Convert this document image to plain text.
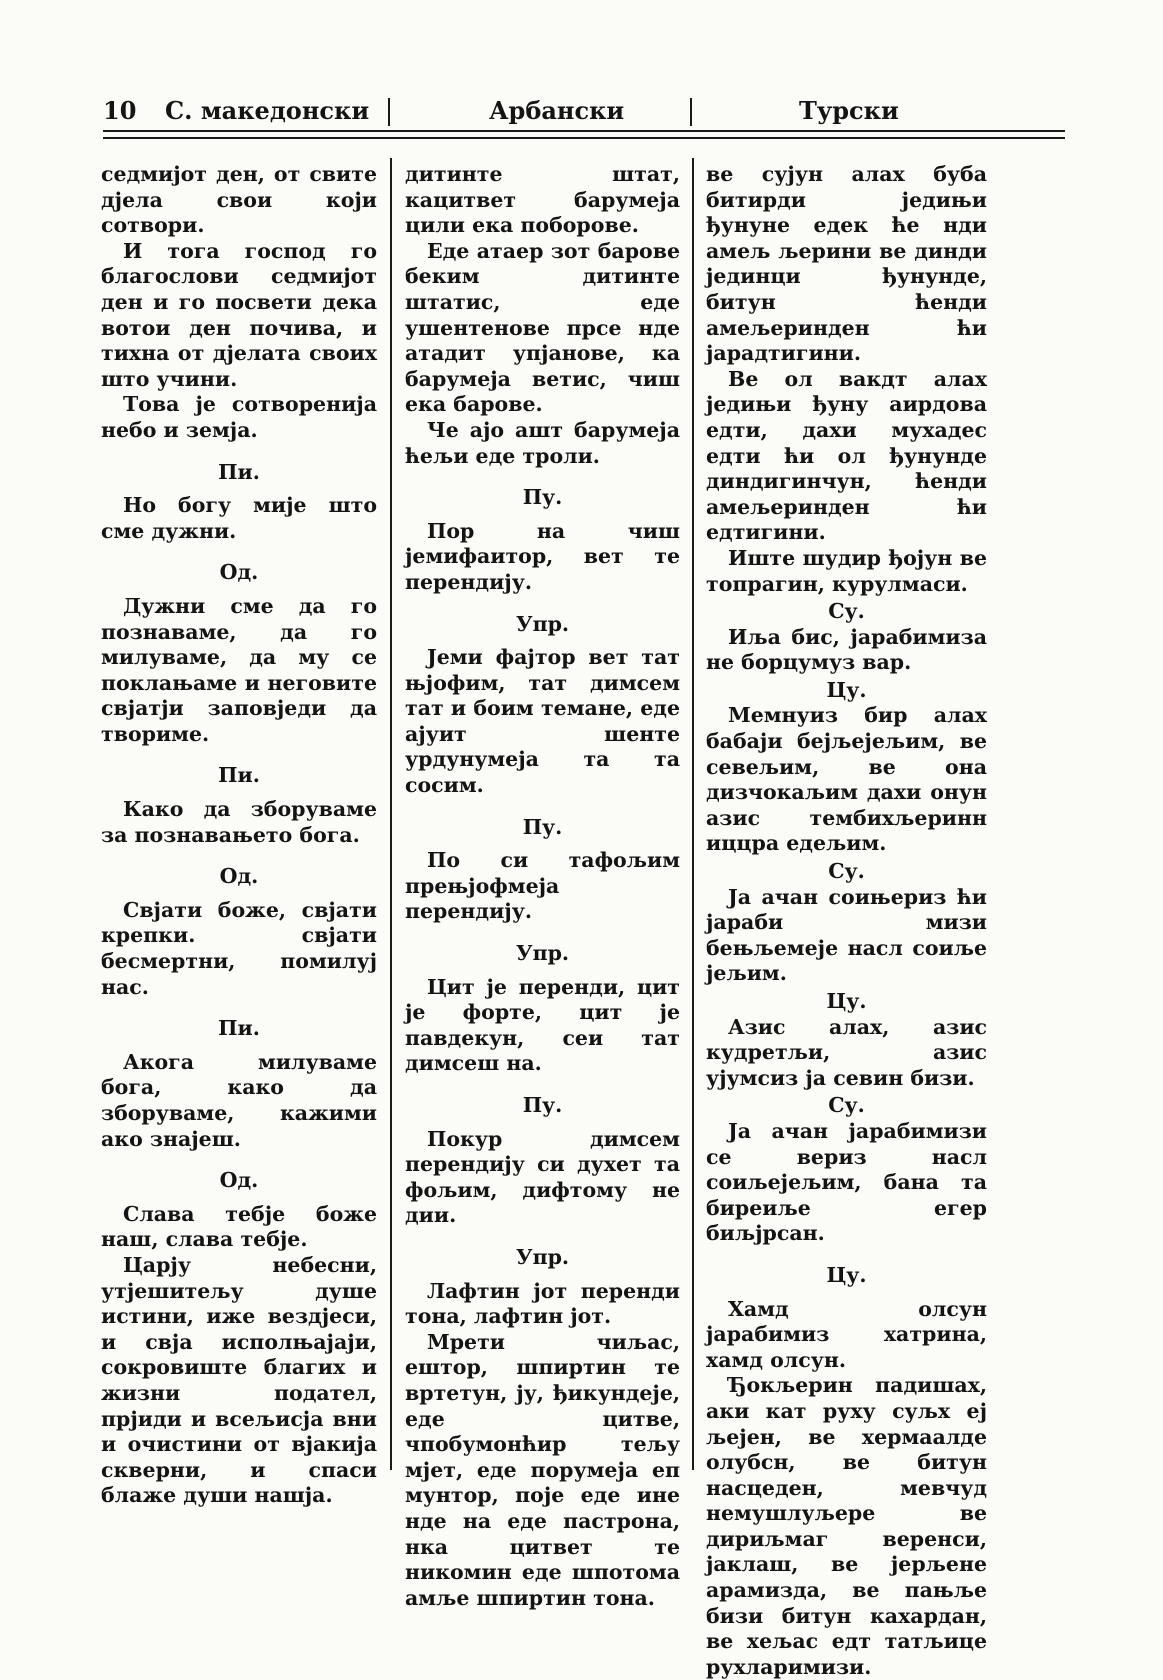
10 С. македонски	Арбански	Турски

седмијот ден, от свите дјела свои који сотвори.

И тога господ го благослови седмијот ден и го посвети дека вотои ден почива, и тихна от дјелата своих што учини.

Това је сотворенија небо и земја.

Пи.

Но богу мије што сме дужни.

Од.

Дужни сме да го познаваме, да го милуваме, да му се поклањаме и неговите свјатји заповједи да твориме.

Пи.

Како да зборуваме за познавањето бога.

Од.

Свјати боже, свјати крепки. свјати бесмертни, помилуј нас.

Пи.

Акога милуваме бога, како да зборуваме, кажими ако знајеш.

Од.

Слава тебје боже наш, слава тебје.

Царју небесни, утјешитељу душе истини, иже вездјеси, и свја исполњајаји, сокровиште благих и жизни подател, прјиди и всељисја вни и очистини от вјакија скверни, и спаси блаже души нашја.

дитинте штат, кацитвет барумеја цили ека поборове.

Еде атаер зот барове беким дитинте штатис, еде ушентенове прсе нде атадит упјанове, ка барумеја ветис, чиш ека барове.

Че ајо ашт барумеја ћељи еде троли.

Пу.

Пор на чиш јемифаитор, вет те перендију.

Упр.

Јеми фајтор вет тат њјофим, тат димсем тат и боим темане, еде ајуит шенте урдунумеја та та сосим.

Пу.

По си тафољим прењјофмеја перендију.

Упр.

Цит је перенди, цит је форте, цит је павдекун, сеи тат димсеш на.

Пу.

Покур димсем перендију си духет та фољим, дифтому не дии.

Упр.

Лафтин јот перенди тона, лафтин јот.

Мрети чиљас, ештор, шпиртин те вртетун, ју, ђикундеје, еде цитве, чпобумонћир тељу мјет, еде порумеја еп мунтор, поје еде ине нде на еде пастрона, нка цитвет те никомин еде шпотома амље шпиртин тона.

ве сујун алах буба битирди једињи ђунуне едек ће нди амељ љерини ве динди јединци ђунунде, битун ћенди амељеринден ћи јарадтигини.

Ве ол вакдт алах једињи ђуну аирдова едти, дахи мухадес едти ћи ол ђунунде диндигинчун, ћенди амељеринден ћи едтигини.

Иште шудир ђојун ве топрагин, курулмаси.

Су.

Иља бис, јарабимиза не борцумуз вар.

Цу.

Мемнуиз бир алах бабаји бејљејељим, ве севељим, ве она дизчокаљим дахи онун азис тембихљеринн иццра едељим.

Су.

Ја ачан соињериз ћи јараби мизи бењљемеје насл соиље јељим.

Цу.

Азис алах, азис кудретљи, азис ујумсиз ја севин бизи.

Су.

Ја ачан јарабимизи се вериз насл соиљејељим, бана та биреиље егер биљјрсан.

Цу.

Хамд олсун јарабимиз хатрина, хамд олсун.

Ђокљерин падишах, аки кат руху суљх еј љејен, ве хермаалде олубсн, ве битун насцеден, мевчуд немушлуљере ве дириљмаг веренси, јаклаш, ве јерљене арамизда, ве пањље бизи битун кахардан, ве хељас едт татљице рухларимизи.
